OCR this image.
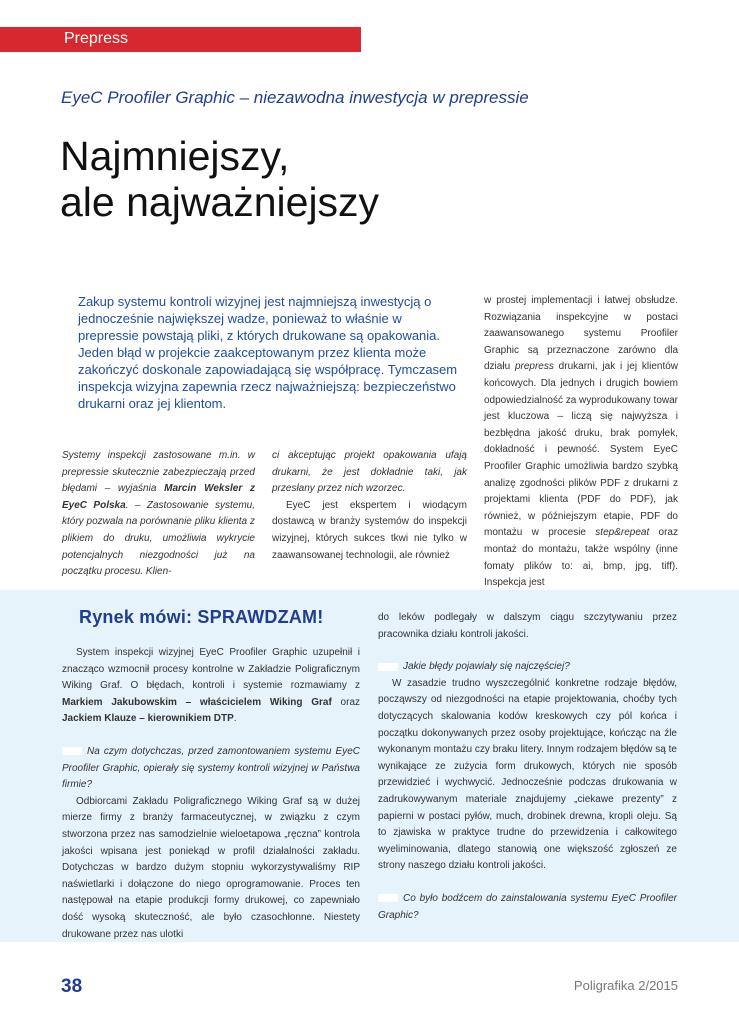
Prepress
EyeC Proofiler Graphic – niezawodna inwestycja w prepressie
Najmniejszy,
ale najważniejszy
Zakup systemu kontroli wizyjnej jest najmniejszą inwestycją o jednocześnie największej wadze, ponieważ to właśnie w prepressie powstają pliki, z których drukowane są opakowania. Jeden błąd w projekcie zaakceptowanym przez klienta może zakończyć doskonale zapowiadającą się współpracę. Tymczasem inspekcja wizyjna zapewnia rzecz najważniejszą: bezpieczeństwo drukarni oraz jej klientom.

Systemy inspekcji zastosowane m.in. w prepressie skutecznie zabezpieczają przed błędami – wyjaśnia Marcin Weksler z EyeC Polska. – Zastosowanie systemu, który pozwala na porównanie pliku klienta z plikiem do druku, umożliwia wykrycie potencjalnych niezgodności już na początku procesu. Klien-

ci akceptując projekt opakowania ufają drukarni, że jest dokładnie taki, jak przesłany przez nich wzorzec.

EyeC jest ekspertem i wiodącym dostawcą w branży systemów do inspekcji wizyjnej, których sukces tkwi nie tylko w zaawansowanej technologii, ale również

w prostej implementacji i łatwej obsłudze. Rozwiązania inspekcyjne w postaci zaawansowanego systemu Proofiler Graphic są przeznaczone zarówno dla działu prepress drukarni, jak i jej klientów końcowych. Dla jednych i drugich bowiem odpowiedzialność za wyprodukowany towar jest kluczowa – liczą się najwyższa i bezbłędna jakość druku, brak pomyłek, dokładność i pewność. System EyeC Proofiler Graphic umożliwia bardzo szybką analizę zgodności plików PDF z drukarni z projektami klienta (PDF do PDF), jak również, w późniejszym etapie, PDF do montażu w procesie step&repeat oraz montaż do montażu, także wspólny (inne fomaty plików to: ai, bmp, jpg, tiff). Inspekcja jest

Rynek mówi: SPRAWDZAM!

System inspekcji wizyjnej EyeC Proofiler Graphic uzupełnił i znacząco wzmocnił procesy kontrolne w Zakładzie Poligraficznym Wiking Graf. O błędach, kontroli i systemie rozmawiamy z Markiem Jakubowskim – właścicielem Wiking Graf oraz Jackiem Klauze – kierownikiem DTP.

Na czym dotychczas, przed zamontowaniem systemu EyeC Proofiler Graphic, opierały się systemy kontroli wizyjnej w Państwa firmie?

Odbiorcami Zakładu Poligraficznego Wiking Graf są w dużej mierze firmy z branży farmaceutycznej, w związku z czym stworzona przez nas samodzielnie wieloetapowa „ręczna” kontrola jakości wpisana jest poniekąd w profil działalności zakładu. Dotychczas w bardzo dużym stopniu wykorzystywaliśmy RIP naświetlarki i dołączone do niego oprogramowanie. Proces ten następował na etapie produkcji formy drukowej, co zapewniało dość wysoką skuteczność, ale było czasochłonne. Niestety drukowane przez nas ulotki

do leków podlegały w dalszym ciągu szczytywaniu przez pracownika działu kontroli jakości.

Jakie błędy pojawiały się najczęściej?

W zasadzie trudno wyszczególnić konkretne rodzaje błędów, począwszy od niezgodności na etapie projektowania, choćby tych dotyczących skalowania kodów kreskowych czy pól końca i początku dokonywanych przez osoby projektujące, kończąc na źle wykonanym montażu czy braku litery. Innym rodzajem błędów są te wynikające ze zużycia form drukowych, których nie sposób przewidzieć i wychwycić. Jednocześnie podczas drukowania w zadrukowywanym materiale znajdujemy „ciekawe prezenty” z papierni w postaci pyłów, much, drobinek drewna, kropli oleju. Są to zjawiska w praktyce trudne do przewidzenia i całkowitego wyeliminowania, dlatego stanowią one większość zgłoszeń ze strony naszego działu kontroli jakości.

Co było bodźcem do zainstalowania systemu EyeC Proofiler Graphic?

38	Poligrafika 2/2015
